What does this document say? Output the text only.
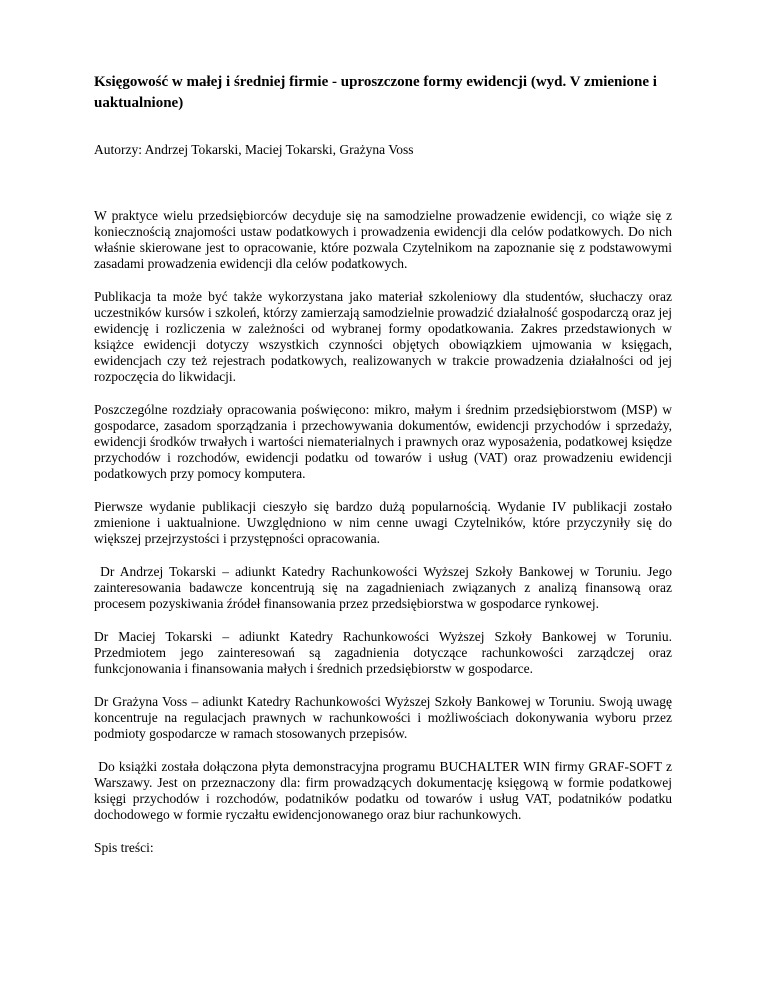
Księgowość w małej i średniej firmie - uproszczone formy ewidencji (wyd. V zmienione i uaktualnione)

Autorzy: Andrzej Tokarski, Maciej Tokarski, Grażyna Voss

W praktyce wielu przedsiębiorców decyduje się na samodzielne prowadzenie ewidencji, co wiąże się z koniecznością znajomości ustaw podatkowych i prowadzenia ewidencji dla celów podatkowych. Do nich właśnie skierowane jest to opracowanie, które pozwala Czytelnikom na zapoznanie się z podstawowymi zasadami prowadzenia ewidencji dla celów podatkowych.

Publikacja ta może być także wykorzystana jako materiał szkoleniowy dla studentów, słuchaczy oraz uczestników kursów i szkoleń, którzy zamierzają samodzielnie prowadzić działalność gospodarczą oraz jej ewidencję i rozliczenia w zależności od wybranej formy opodatkowania. Zakres przedstawionych w książce ewidencji dotyczy wszystkich czynności objętych obowiązkiem ujmowania w księgach, ewidencjach czy też rejestrach podatkowych, realizowanych w trakcie prowadzenia działalności od jej rozpoczęcia do likwidacji.

Poszczególne rozdziały opracowania poświęcono: mikro, małym i średnim przedsiębiorstwom (MSP) w gospodarce, zasadom sporządzania i przechowywania dokumentów, ewidencji przychodów i sprzedaży, ewidencji środków trwałych i wartości niematerialnych i prawnych oraz wyposażenia, podatkowej księdze przychodów i rozchodów, ewidencji podatku od towarów i usług (VAT) oraz prowadzeniu ewidencji podatkowych przy pomocy komputera.

Pierwsze wydanie publikacji cieszyło się bardzo dużą popularnością. Wydanie IV publikacji zostało zmienione i uaktualnione. Uwzględniono w nim cenne uwagi Czytelników, które przyczyniły się do większej przejrzystości i przystępności opracowania.

Dr Andrzej Tokarski – adiunkt Katedry Rachunkowości Wyższej Szkoły Bankowej w Toruniu. Jego zainteresowania badawcze koncentrują się na zagadnieniach związanych z analizą finansową oraz procesem pozyskiwania źródeł finansowania przez przedsiębiorstwa w gospodarce rynkowej.

Dr Maciej Tokarski – adiunkt Katedry Rachunkowości Wyższej Szkoły Bankowej w Toruniu. Przedmiotem jego zainteresowań są zagadnienia dotyczące rachunkowości zarządczej oraz funkcjonowania i finansowania małych i średnich przedsiębiorstw w gospodarce.

Dr Grażyna Voss – adiunkt Katedry Rachunkowości Wyższej Szkoły Bankowej w Toruniu. Swoją uwagę koncentruje na regulacjach prawnych w rachunkowości i możliwościach dokonywania wyboru przez podmioty gospodarcze w ramach stosowanych przepisów.

Do książki została dołączona płyta demonstracyjna programu BUCHALTER WIN firmy GRAF-SOFT z Warszawy. Jest on przeznaczony dla: firm prowadzących dokumentację księgową w formie podatkowej księgi przychodów i rozchodów, podatników podatku od towarów i usług VAT, podatników podatku dochodowego w formie ryczałtu ewidencjonowanego oraz biur rachunkowych.

Spis treści:
